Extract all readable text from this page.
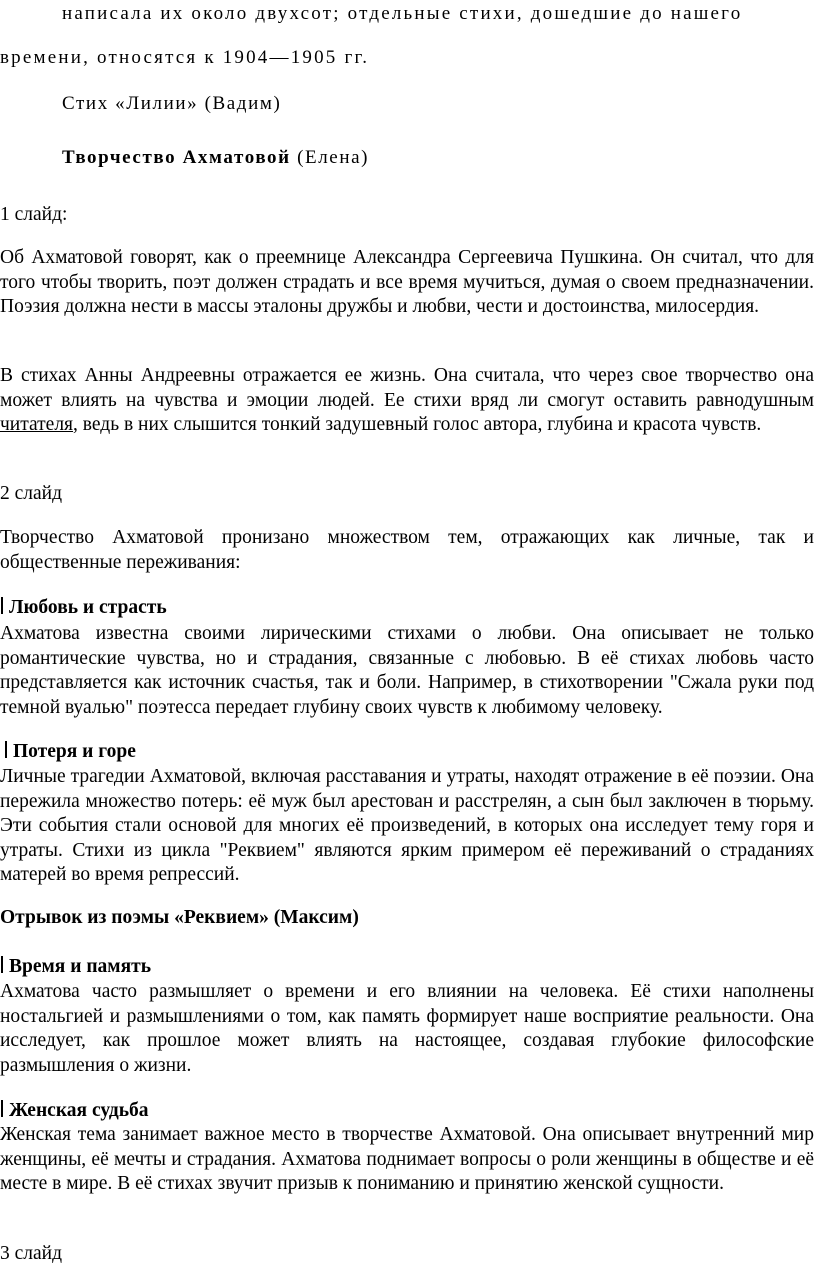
написала их около двухсот; отдельные стихи, дошедшие до нашего
времени, относятся к 1904—1905 гг.

Стих «Лилии» (Вадим)

Творчество Ахматовой (Елена)

1 слайд:

Об Ахматовой говорят, как о преемнице Александра Сергеевича Пушкина. Он считал, что для того чтобы творить, поэт должен страдать и все время мучиться, думая о своем предназначении. Поэзия должна нести в массы эталоны дружбы и любви, чести и достоинства, милосердия.

В стихах Анны Андреевны отражается ее жизнь. Она считала, что через свое творчество она может влиять на чувства и эмоции людей. Ее стихи вряд ли смогут оставить равнодушным читателя, ведь в них слышится тонкий задушевный голос автора, глубина и красота чувств.

2 слайд

Творчество Ахматовой пронизано множеством тем, отражающих как личные, так и общественные переживания:

Любовь и страсть

Ахматова известна своими лирическими стихами о любви. Она описывает не только романтические чувства, но и страдания, связанные с любовью. В её стихах любовь часто представляется как источник счастья, так и боли. Например, в стихотворении "Сжала руки под темной вуалью" поэтесса передает глубину своих чувств к любимому человеку.

Потеря и горе

Личные трагедии Ахматовой, включая расставания и утраты, находят отражение в её поэзии. Она пережила множество потерь: её муж был арестован и расстрелян, а сын был заключен в тюрьму. Эти события стали основой для многих её произведений, в которых она исследует тему горя и утраты. Стихи из цикла "Реквием" являются ярким примером её переживаний о страданиях матерей во время репрессий.

Отрывок из поэмы «Реквием» (Максим)
Время и память

Ахматова часто размышляет о времени и его влиянии на человека. Её стихи наполнены ностальгией и размышлениями о том, как память формирует наше восприятие реальности. Она исследует, как прошлое может влиять на настоящее, создавая глубокие философские размышления о жизни.

Женская судьба

Женская тема занимает важное место в творчестве Ахматовой. Она описывает внутренний мир женщины, её мечты и страдания. Ахматова поднимает вопросы о роли женщины в обществе и её месте в мире. В её стихах звучит призыв к пониманию и принятию женской сущности.

3 слайд
